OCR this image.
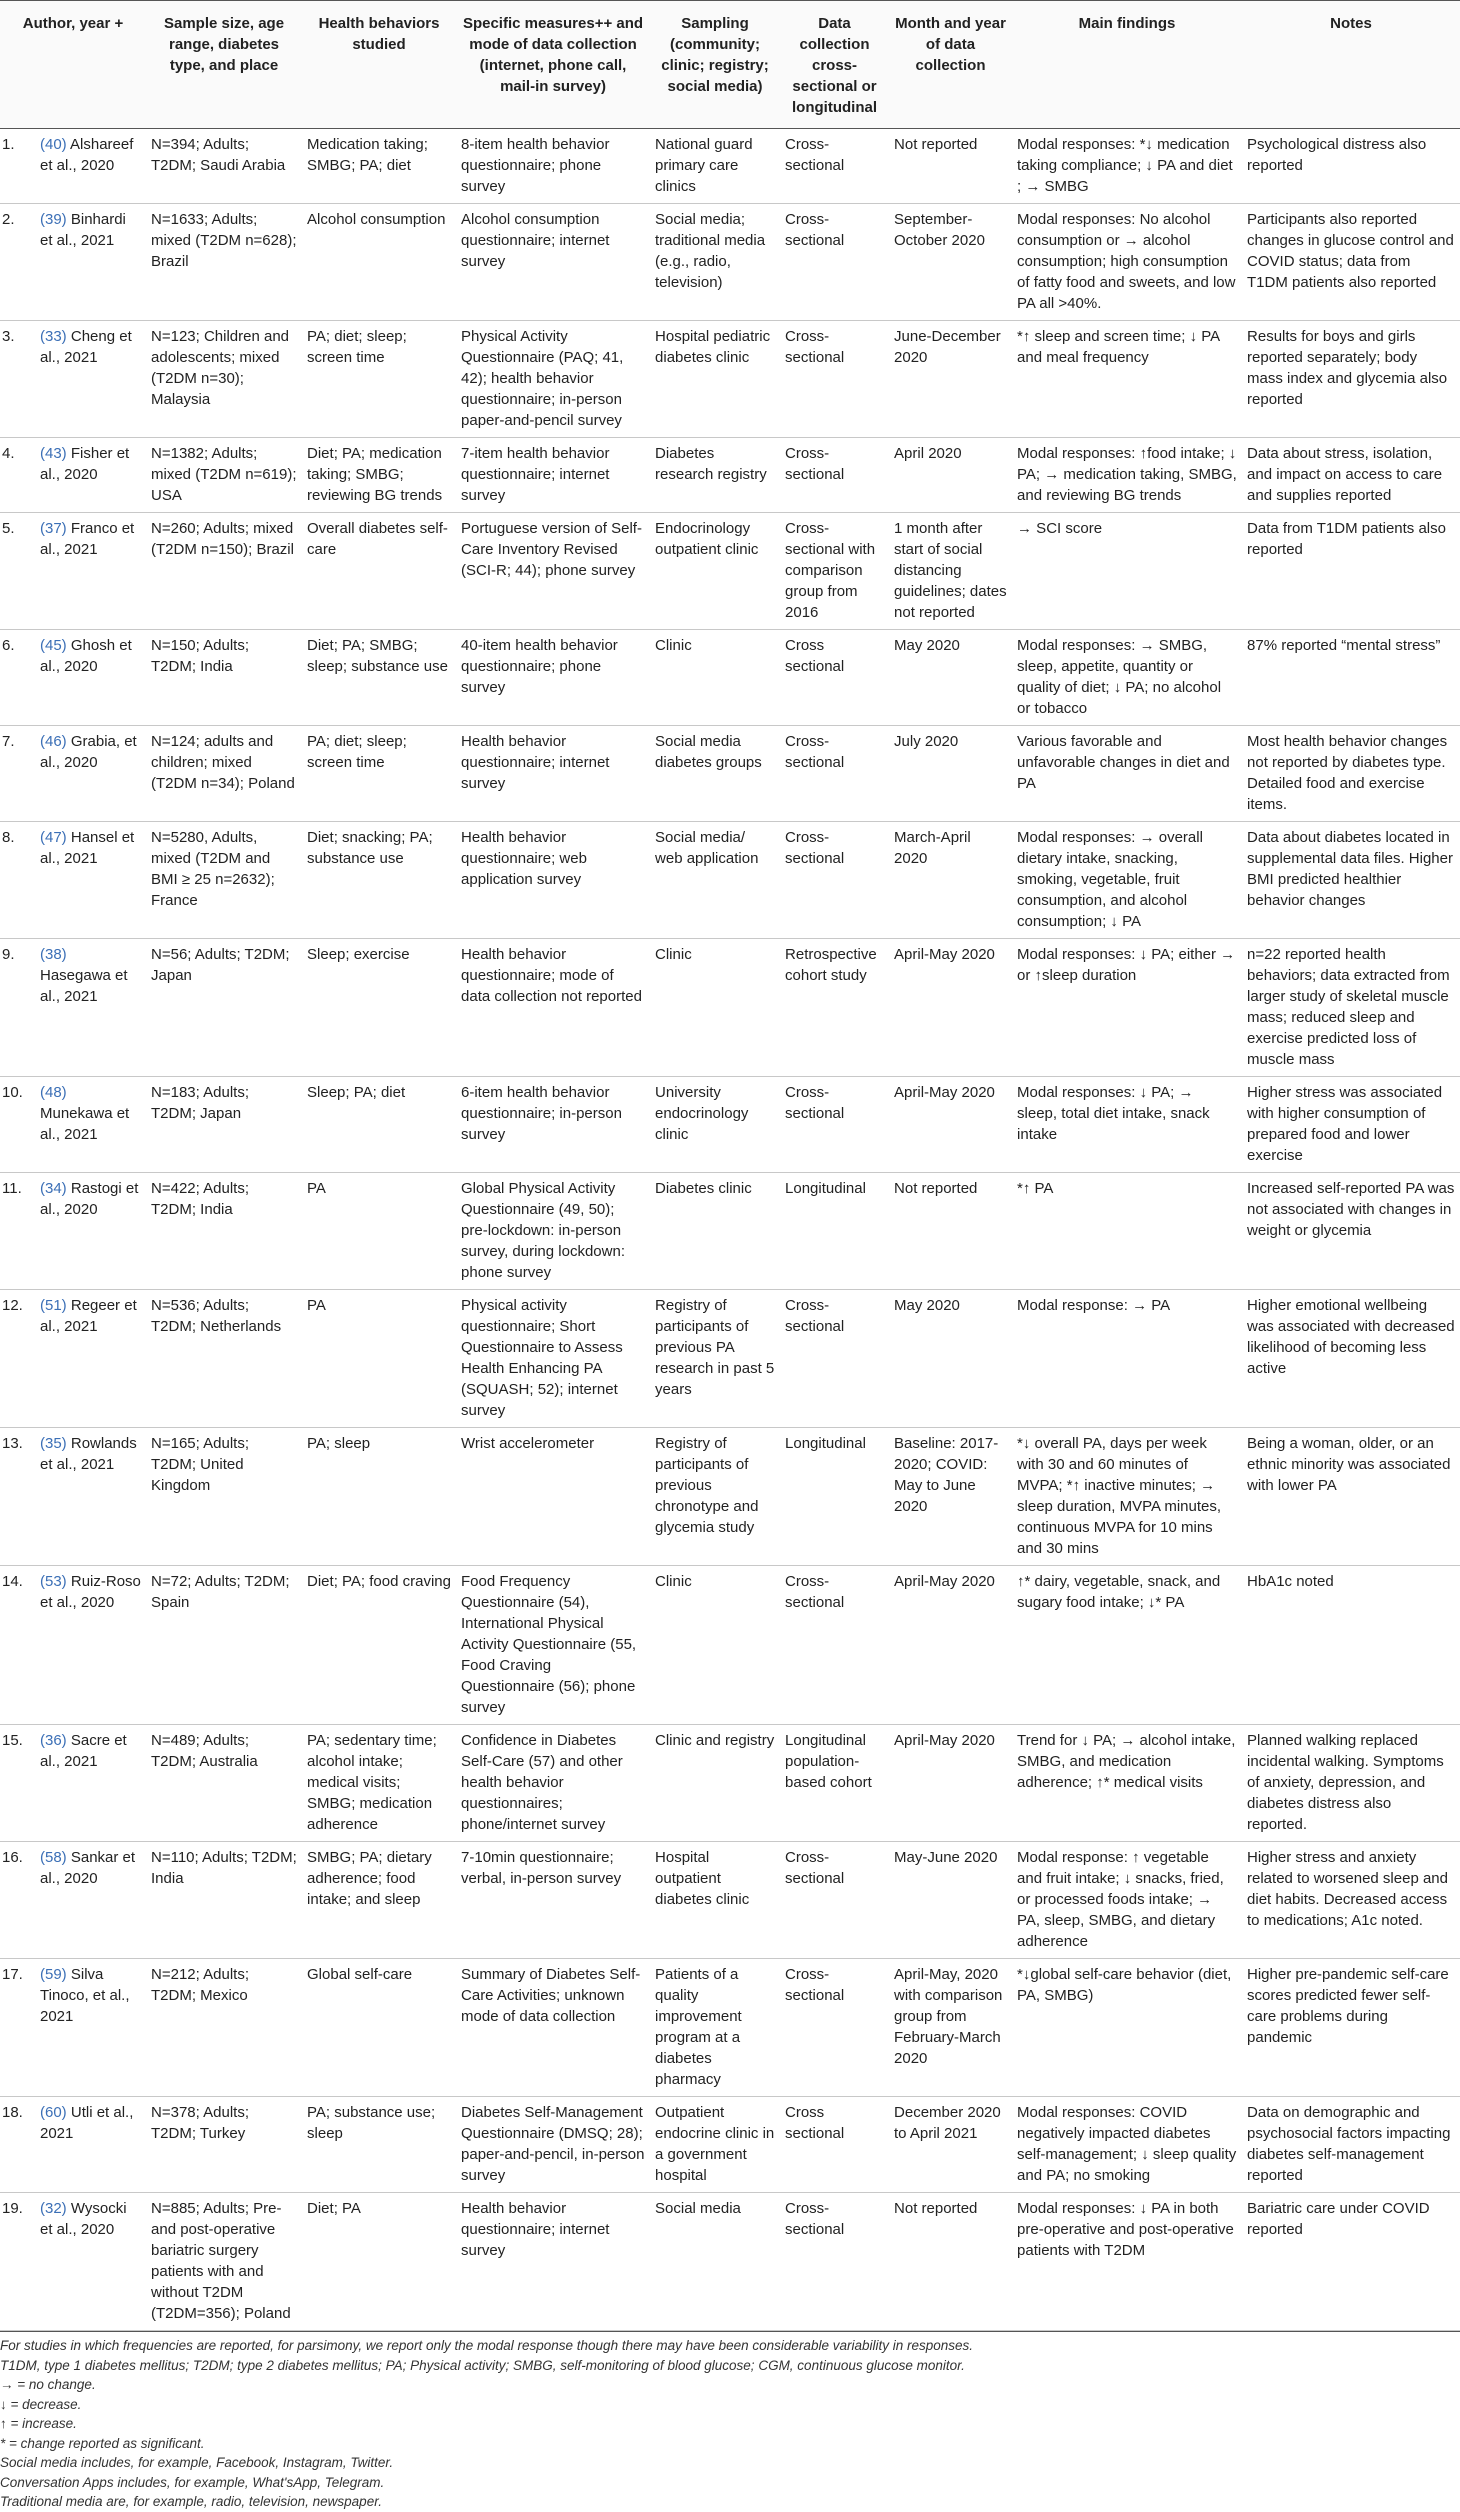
Author, year +		Sample size, age range, diabetes type, and place	Health behaviors studied	Specific measures++ and mode of data collection (internet, phone call, mail-in survey)	Sampling (community; clinic; registry; social media)	Data collection cross-sectional or longitudinal	Month and year of data collection	Main findings	Notes
1.	(40) Alshareef et al., 2020	N=394; Adults; T2DM; Saudi Arabia	Medication taking; SMBG; PA; diet	8-item health behavior questionnaire; phone survey	National guard primary care clinics	Cross-sectional	Not reported	Modal responses: *↓ medication taking compliance; ↓ PA and diet ; → SMBG	Psychological distress also reported
2.	(39) Binhardi et al., 2021	N=1633; Adults; mixed (T2DM n=628); Brazil	Alcohol consumption	Alcohol consumption questionnaire; internet survey	Social media; traditional media (e.g., radio, television)	Cross-sectional	September-October 2020	Modal responses: No alcohol consumption or → alcohol consumption; high consumption of fatty food and sweets, and low PA all >40%.	Participants also reported changes in glucose control and COVID status; data from T1DM patients also reported
3.	(33) Cheng et al., 2021	N=123; Children and adolescents; mixed (T2DM n=30); Malaysia	PA; diet; sleep; screen time	Physical Activity Questionnaire (PAQ; 41, 42); health behavior questionnaire; in-person paper-and-pencil survey	Hospital pediatric diabetes clinic	Cross-sectional	June-December 2020	*↑ sleep and screen time; ↓ PA and meal frequency	Results for boys and girls reported separately; body mass index and glycemia also reported
4.	(43) Fisher et al., 2020	N=1382; Adults; mixed (T2DM n=619); USA	Diet; PA; medication taking; SMBG; reviewing BG trends	7-item health behavior questionnaire; internet survey	Diabetes research registry	Cross-sectional	April 2020	Modal responses: ↑food intake; ↓ PA; → medication taking, SMBG, and reviewing BG trends	Data about stress, isolation, and impact on access to care and supplies reported
5.	(37) Franco et al., 2021	N=260; Adults; mixed (T2DM n=150); Brazil	Overall diabetes self-care	Portuguese version of Self-Care Inventory Revised (SCI-R; 44); phone survey	Endocrinology outpatient clinic	Cross-sectional with comparison group from 2016	1 month after start of social distancing guidelines; dates not reported	→ SCI score	Data from T1DM patients also reported
6.	(45) Ghosh et al., 2020	N=150; Adults; T2DM; India	Diet; PA; SMBG; sleep; substance use	40-item health behavior questionnaire; phone survey	Clinic	Cross sectional	May 2020	Modal responses: → SMBG, sleep, appetite, quantity or quality of diet; ↓ PA; no alcohol or tobacco	87% reported “mental stress”
7.	(46) Grabia, et al., 2020	N=124; adults and children; mixed (T2DM n=34); Poland	PA; diet; sleep; screen time	Health behavior questionnaire; internet survey	Social media diabetes groups	Cross-sectional	July 2020	Various favorable and unfavorable changes in diet and PA	Most health behavior changes not reported by diabetes type. Detailed food and exercise items.
8.	(47) Hansel et al., 2021	N=5280, Adults, mixed (T2DM and BMI ≥ 25 n=2632); France	Diet; snacking; PA; substance use	Health behavior questionnaire; web application survey	Social media/ web application	Cross-sectional	March-April 2020	Modal responses: → overall dietary intake, snacking, smoking, vegetable, fruit consumption, and alcohol consumption; ↓ PA	Data about diabetes located in supplemental data files. Higher BMI predicted healthier behavior changes
9.	(38) Hasegawa et al., 2021	N=56; Adults; T2DM; Japan	Sleep; exercise	Health behavior questionnaire; mode of data collection not reported	Clinic	Retrospective cohort study	April-May 2020	Modal responses: ↓ PA; either → or ↑sleep duration	n=22 reported health behaviors; data extracted from larger study of skeletal muscle mass; reduced sleep and exercise predicted loss of muscle mass
10.	(48) Munekawa et al., 2021	N=183; Adults; T2DM; Japan	Sleep; PA; diet	6-item health behavior questionnaire; in-person survey	University endocrinology clinic	Cross-sectional	April-May 2020	Modal responses: ↓ PA; → sleep, total diet intake, snack intake	Higher stress was associated with higher consumption of prepared food and lower exercise
11.	(34) Rastogi et al., 2020	N=422; Adults; T2DM; India	PA	Global Physical Activity Questionnaire (49, 50); pre-lockdown: in-person survey, during lockdown: phone survey	Diabetes clinic	Longitudinal	Not reported	*↑ PA	Increased self-reported PA was not associated with changes in weight or glycemia
12.	(51) Regeer et al., 2021	N=536; Adults; T2DM; Netherlands	PA	Physical activity questionnaire; Short Questionnaire to Assess Health Enhancing PA (SQUASH; 52); internet survey	Registry of participants of previous PA research in past 5 years	Cross-sectional	May 2020	Modal response: → PA	Higher emotional wellbeing was associated with decreased likelihood of becoming less active
13.	(35) Rowlands et al., 2021	N=165; Adults; T2DM; United Kingdom	PA; sleep	Wrist accelerometer	Registry of participants of previous chronotype and glycemia study	Longitudinal	Baseline: 2017-2020; COVID: May to June 2020	*↓ overall PA, days per week with 30 and 60 minutes of MVPA; *↑ inactive minutes; → sleep duration, MVPA minutes, continuous MVPA for 10 mins and 30 mins	Being a woman, older, or an ethnic minority was associated with lower PA
14.	(53) Ruiz-Roso et al., 2020	N=72; Adults; T2DM; Spain	Diet; PA; food craving	Food Frequency Questionnaire (54), International Physical Activity Questionnaire (55, Food Craving Questionnaire (56); phone survey	Clinic	Cross-sectional	April-May 2020	↑* dairy, vegetable, snack, and sugary food intake; ↓* PA	HbA1c noted
15.	(36) Sacre et al., 2021	N=489; Adults; T2DM; Australia	PA; sedentary time; alcohol intake; medical visits; SMBG; medication adherence	Confidence in Diabetes Self-Care (57) and other health behavior questionnaires; phone/internet survey	Clinic and registry	Longitudinal population-based cohort	April-May 2020	Trend for ↓ PA; → alcohol intake, SMBG, and medication adherence; ↑* medical visits	Planned walking replaced incidental walking. Symptoms of anxiety, depression, and diabetes distress also reported.
16.	(58) Sankar et al., 2020	N=110; Adults; T2DM; India	SMBG; PA; dietary adherence; food intake; and sleep	7-10min questionnaire; verbal, in-person survey	Hospital outpatient diabetes clinic	Cross-sectional	May-June 2020	Modal response: ↑ vegetable and fruit intake; ↓ snacks, fried, or processed foods intake; → PA, sleep, SMBG, and dietary adherence	Higher stress and anxiety related to worsened sleep and diet habits. Decreased access to medications; A1c noted.
17.	(59) Silva Tinoco, et al., 2021	N=212; Adults; T2DM; Mexico	Global self-care	Summary of Diabetes Self-Care Activities; unknown mode of data collection	Patients of a quality improvement program at a diabetes pharmacy	Cross-sectional	April-May, 2020 with comparison group from February-March 2020	*↓global self-care behavior (diet, PA, SMBG)	Higher pre-pandemic self-care scores predicted fewer self-care problems during pandemic
18.	(60) Utli et al., 2021	N=378; Adults; T2DM; Turkey	PA; substance use; sleep	Diabetes Self-Management Questionnaire (DMSQ; 28); paper-and-pencil, in-person survey	Outpatient endocrine clinic in a government hospital	Cross sectional	December 2020 to April 2021	Modal responses: COVID negatively impacted diabetes self-management; ↓ sleep quality and PA; no smoking	Data on demographic and psychosocial factors impacting diabetes self-management reported
19.	(32) Wysocki et al., 2020	N=885; Adults; Pre- and post-operative bariatric surgery patients with and without T2DM (T2DM=356); Poland	Diet; PA	Health behavior questionnaire; internet survey	Social media	Cross-sectional	Not reported	Modal responses: ↓ PA in both pre-operative and post-operative patients with T2DM	Bariatric care under COVID reported
For studies in which frequencies are reported, for parsimony, we report only the modal response though there may have been considerable variability in responses.
T1DM, type 1 diabetes mellitus; T2DM; type 2 diabetes mellitus; PA; Physical activity; SMBG, self-monitoring of blood glucose; CGM, continuous glucose monitor.
→ = no change.
↓ = decrease.
↑ = increase.
* = change reported as significant.
Social media includes, for example, Facebook, Instagram, Twitter.
Conversation Apps includes, for example, What'sApp, Telegram.
Traditional media are, for example, radio, television, newspaper.
